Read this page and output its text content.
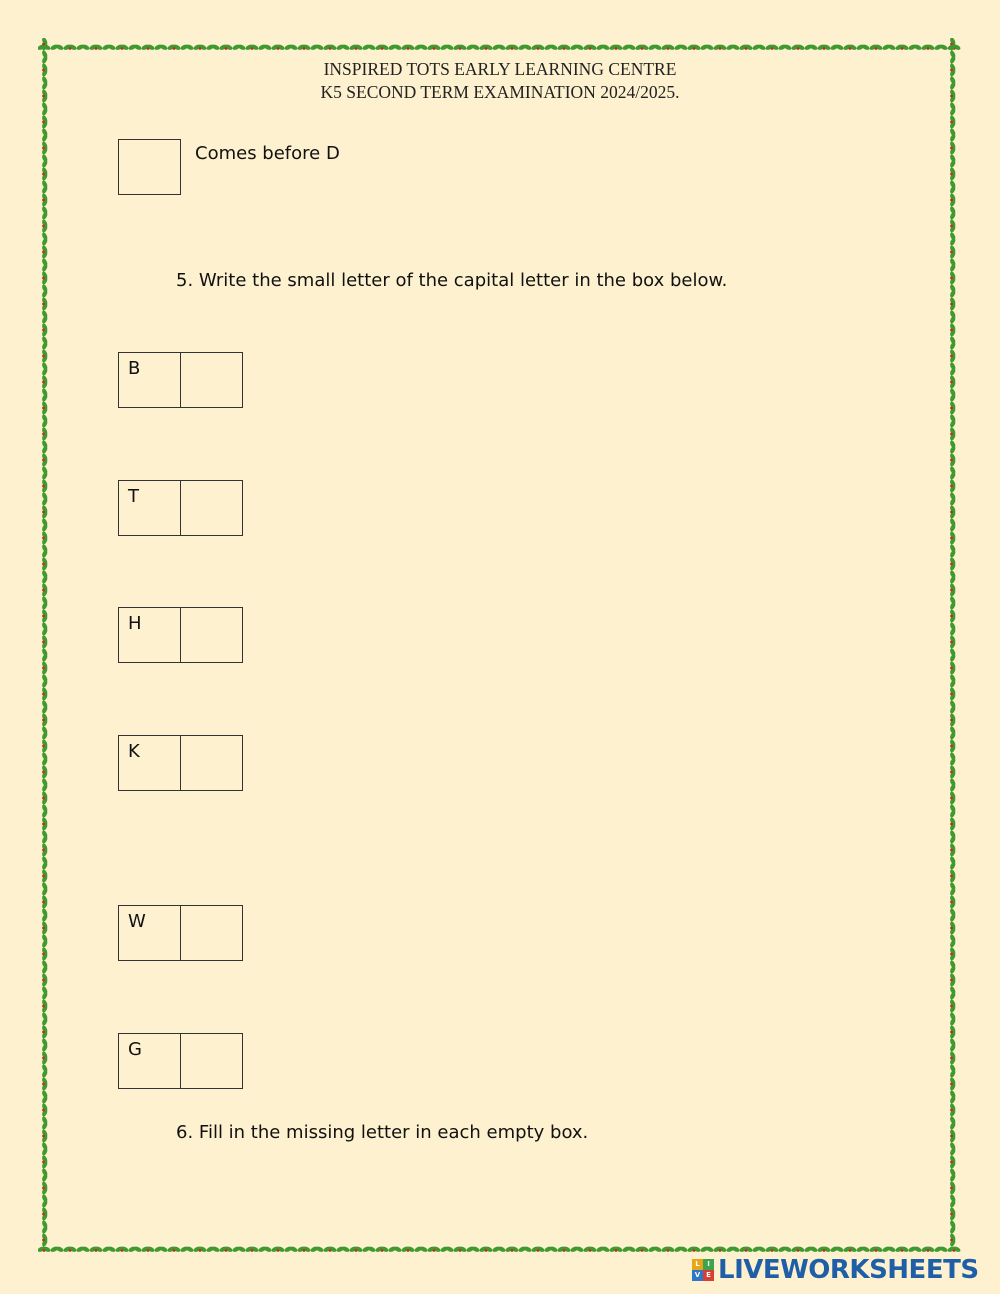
INSPIRED TOTS EARLY LEARNING CENTRE
K5 SECOND TERM EXAMINATION 2024/2025.
Comes before D
5. Write the small letter of the capital letter in the box below.
B
T
H
K
W
G
6. Fill in the missing letter in each empty box.
L	I
V E LIVEWORKSHEETS
